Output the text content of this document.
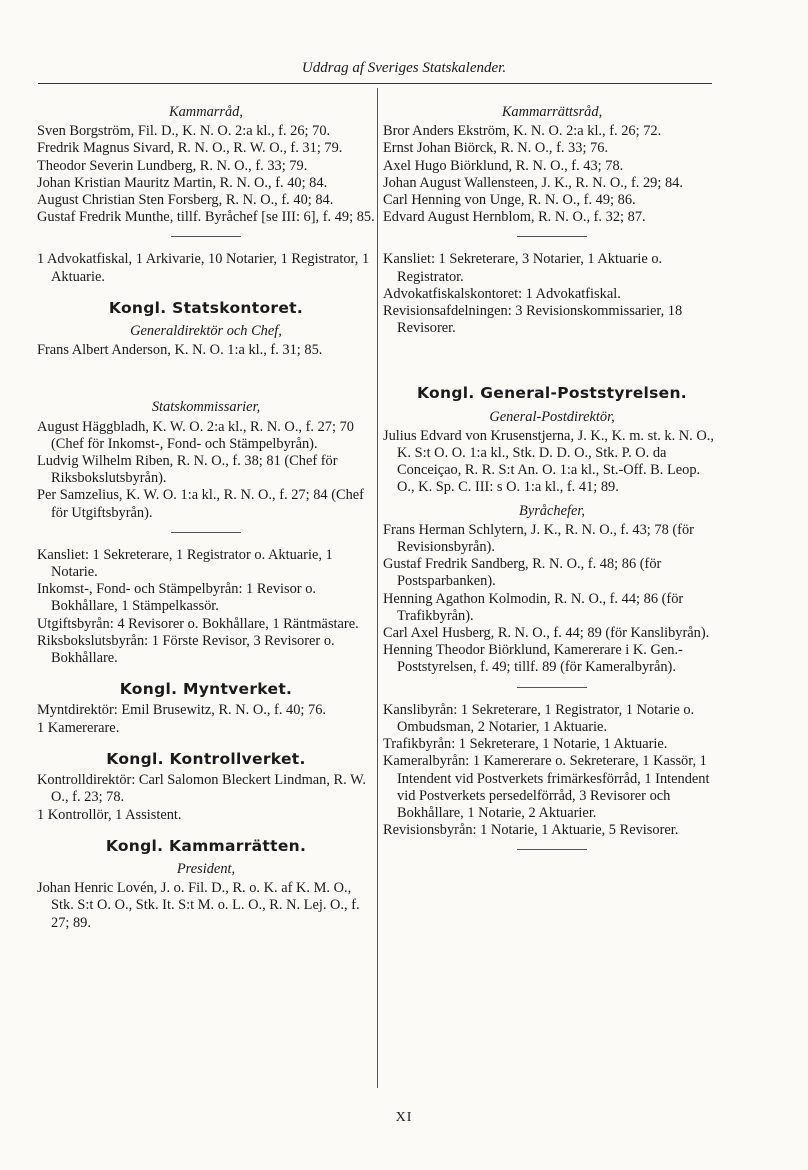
Uddrag af Sveriges Statskalender.
Kammarråd,
Sven Borgström, Fil. D., K. N. O. 2:a kl., f. 26; 70.
Fredrik Magnus Sivard, R. N. O., R. W. O., f. 31; 79.
Theodor Severin Lundberg, R. N. O., f. 33; 79.
Johan Kristian Mauritz Martin, R. N. O., f. 40; 84.
August Christian Sten Forsberg, R. N. O., f. 40; 84.
Gustaf Fredrik Munthe, tillf. Byråchef [se III: 6], f. 49; 85.
1 Advokatfiskal, 1 Arkivarie, 10 Notarier, 1 Registrator, 1 Aktuarie.
Kongl. Statskontoret.
Generaldirektör och Chef,
Frans Albert Anderson, K. N. O. 1:a kl., f. 31; 85.
Statskommissarier,
August Häggbladh, K. W. O. 2:a kl., R. N. O., f. 27; 70 (Chef för Inkomst-, Fond- och Stämpelbyrån).
Ludvig Wilhelm Riben, R. N. O., f. 38; 81 (Chef för Riksbokslutsbyrån).
Per Samzelius, K. W. O. 1:a kl., R. N. O., f. 27; 84 (Chef för Utgiftsbyrån).
Kansliet: 1 Sekreterare, 1 Registrator o. Aktuarie, 1 Notarie.
Inkomst-, Fond- och Stämpelbyrån: 1 Revisor o. Bokhållare, 1 Stämpelkassör.
Utgiftsbyrån: 4 Revisorer o. Bokhållare, 1 Räntmästare.
Riksbokslutsbyrån: 1 Förste Revisor, 3 Revisorer o. Bokhållare.
Kongl. Myntverket.
Myntdirektör: Emil Brusewitz, R. N. O., f. 40; 76.
1 Kamererare.
Kongl. Kontrollverket.
Kontrolldirektör: Carl Salomon Bleckert Lindman, R. W. O., f. 23; 78.
1 Kontrollör, 1 Assistent.
Kongl. Kammarrätten.
President,
Johan Henric Lovén, J. o. Fil. D., R. o. K. af K. M. O., Stk. S:t O. O., Stk. It. S:t M. o. L. O., R. N. Lej. O., f. 27; 89.
Kammarrättsråd,
Bror Anders Ekström, K. N. O. 2:a kl., f. 26; 72.
Ernst Johan Biörck, R. N. O., f. 33; 76.
Axel Hugo Biörklund, R. N. O., f. 43; 78.
Johan August Wallensteen, J. K., R. N. O., f. 29; 84.
Carl Henning von Unge, R. N. O., f. 49; 86.
Edvard August Hernblom, R. N. O., f. 32; 87.
Kansliet: 1 Sekreterare, 3 Notarier, 1 Aktuarie o. Registrator.
Advokatfiskalskontoret: 1 Advokatfiskal.
Revisionsafdelningen: 3 Revisionskommissarier, 18 Revisorer.
Kongl. General-Poststyrelsen.
General-Postdirektör,
Julius Edvard von Krusenstjerna, J. K., K. m. st. k. N. O., K. S:t O. O. 1:a kl., Stk. D. D. O., Stk. P. O. da Conceiçao, R. R. S:t An. O. 1:a kl., St.-Off. B. Leop. O., K. Sp. C. III: s O. 1:a kl., f. 41; 89.
Byråchefer,
Frans Herman Schlytern, J. K., R. N. O., f. 43; 78 (för Revisionsbyrån).
Gustaf Fredrik Sandberg, R. N. O., f. 48; 86 (för Postsparbanken).
Henning Agathon Kolmodin, R. N. O., f. 44; 86 (för Trafikbyrån).
Carl Axel Husberg, R. N. O., f. 44; 89 (för Kanslibyrån).
Henning Theodor Biörklund, Kamererare i K. Gen.-Poststyrelsen, f. 49; tillf. 89 (för Kameralbyrån).
Kanslibyrån: 1 Sekreterare, 1 Registrator, 1 Notarie o. Ombudsman, 2 Notarier, 1 Aktuarie.
Trafikbyrån: 1 Sekreterare, 1 Notarie, 1 Aktuarie.
Kameralbyrån: 1 Kamererare o. Sekreterare, 1 Kassör, 1 Intendent vid Postverkets frimärkesförråd, 1 Intendent vid Postverkets persedelförråd, 3 Revisorer och Bokhållare, 1 Notarie, 2 Aktuarier.
Revisionsbyrån: 1 Notarie, 1 Aktuarie, 5 Revisorer.
XI
